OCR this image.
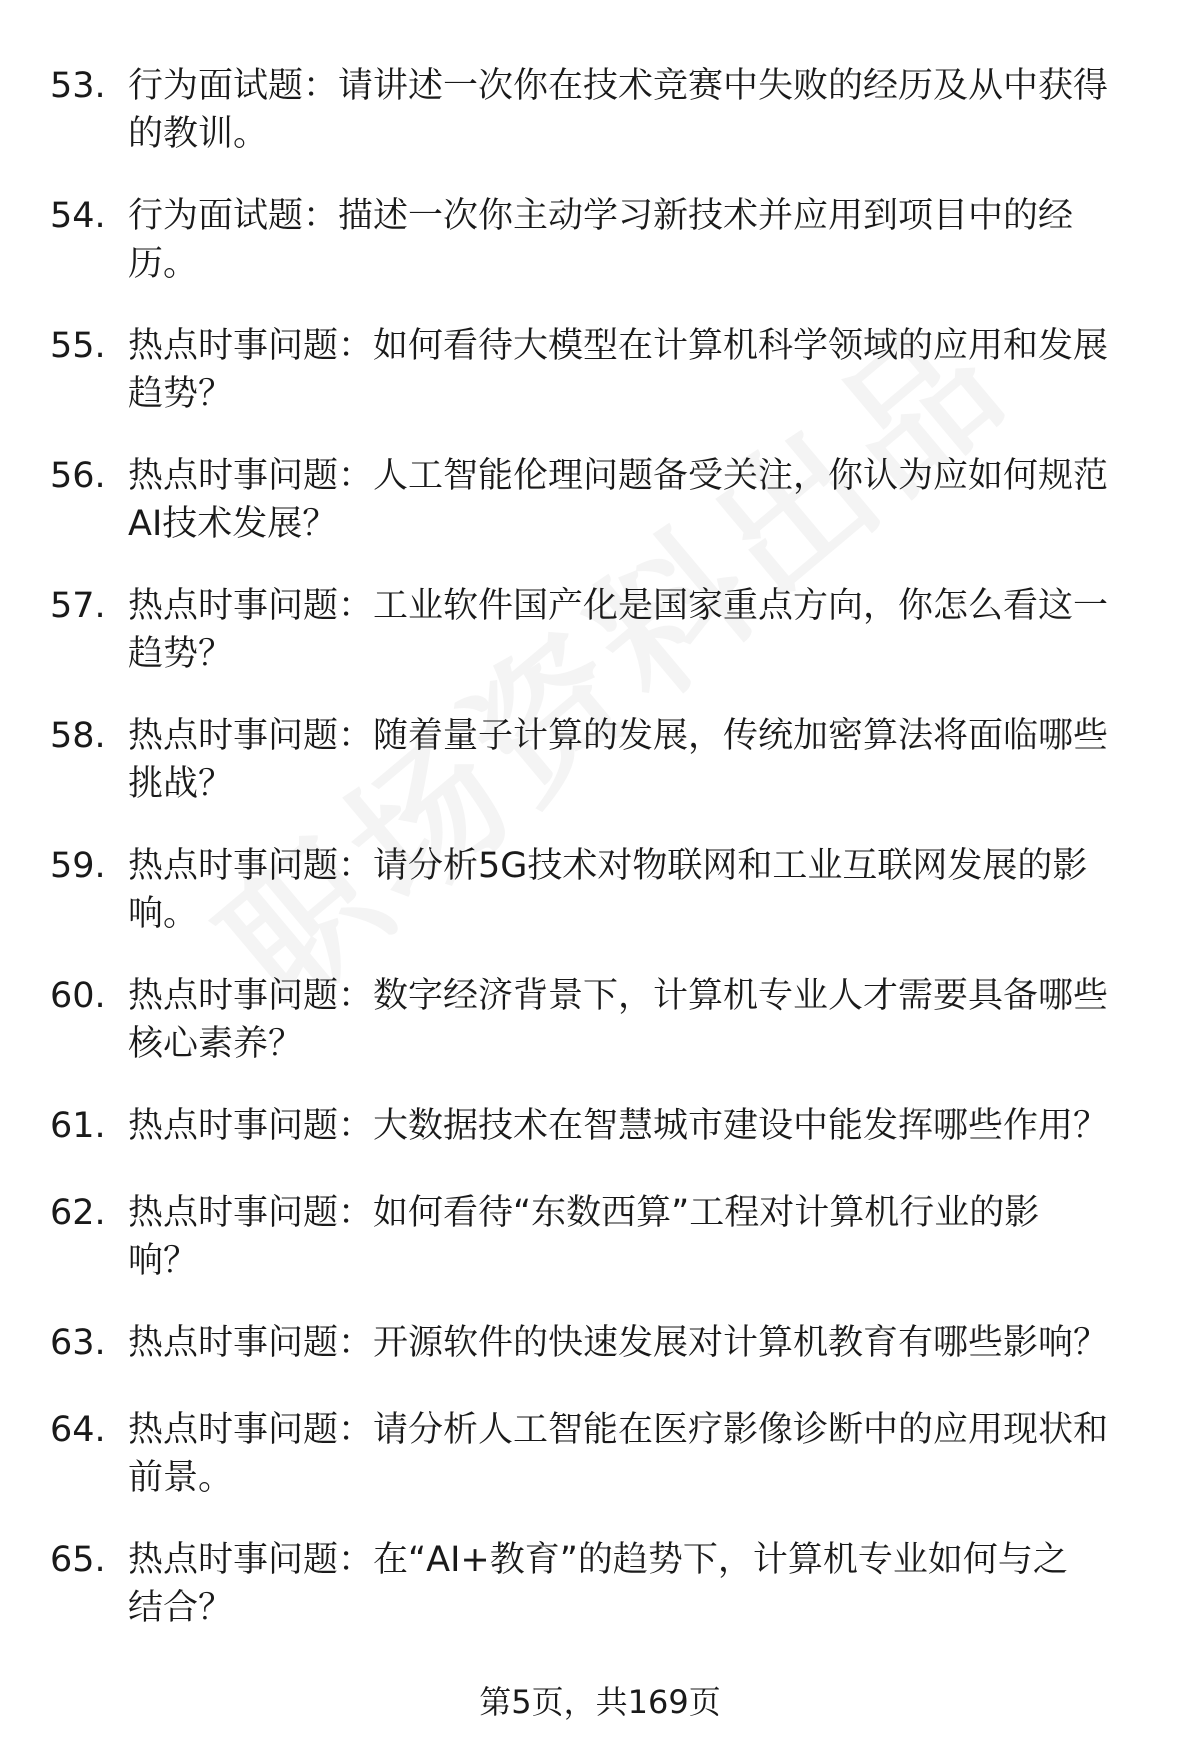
53. 行为面试题：请讲述一次你在技术竞赛中失败的经历及从中获得
的教训。
54. 行为面试题：描述一次你主动学习新技术并应用到项目中的经
历。
55. 热点时事问题：如何看待大模型在计算机科学领域的应用和发展
趋势？
56. 热点时事问题：人工智能伦理问题备受关注，你认为应如何规范
AI技术发展？
57. 热点时事问题：工业软件国产化是国家重点方向，你怎么看这一
趋势？
58. 热点时事问题：随着量子计算的发展，传统加密算法将面临哪些
挑战？
59. 热点时事问题：请分析5G技术对物联网和工业互联网发展的影
响。
60. 热点时事问题：数字经济背景下，计算机专业人才需要具备哪些
核心素养？
61. 热点时事问题：大数据技术在智慧城市建设中能发挥哪些作用？
62. 热点时事问题：如何看待“东数西算”工程对计算机行业的影
响？
63. 热点时事问题：开源软件的快速发展对计算机教育有哪些影响？
64. 热点时事问题：请分析人工智能在医疗影像诊断中的应用现状和
前景。
65. 热点时事问题：在“AI+教育”的趋势下，计算机专业如何与之
结合？
第5页，共169页
